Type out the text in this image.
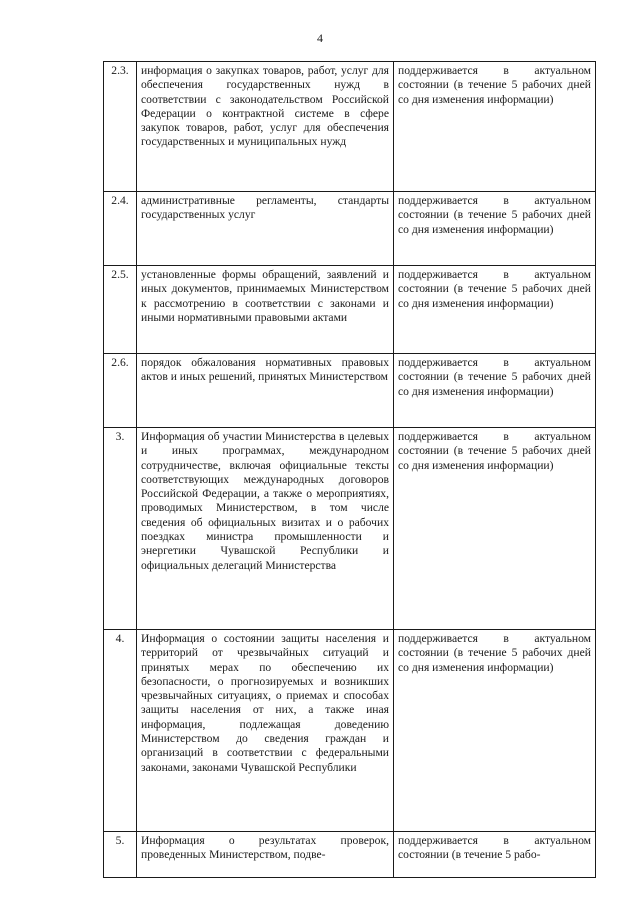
4
2.3.	информация о закупках товаров, работ, услуг для обеспечения государственных нужд в соответствии с законодательством Российской Федерации о контрактной системе в сфере закупок товаров, работ, услуг для обеспечения государственных и муниципальных нужд	поддерживается в актуальном состоянии (в течение 5 рабочих дней со дня изменения информации)
2.4.	административные регламенты, стандарты государственных услуг	поддерживается в актуальном состоянии (в течение 5 рабочих дней со дня изменения информации)
2.5.	установленные формы обращений, заявлений и иных документов, принимаемых Министерством к рассмотрению в соответствии с законами и иными нормативными правовыми актами	поддерживается в актуальном состоянии (в течение 5 рабочих дней со дня изменения информации)
2.6.	порядок обжалования нормативных правовых актов и иных решений, принятых Министерством	поддерживается в актуальном состоянии (в течение 5 рабочих дней со дня изменения информации)
3.	Информация об участии Министерства в целевых и иных программах, международном сотрудничестве, включая официальные тексты соответствующих международных договоров Российской Федерации, а также о мероприятиях, проводимых Министерством, в том числе сведения об официальных визитах и о рабочих поездках министра промышленности и энергетики Чувашской Республики и официальных делегаций Министерства	поддерживается в актуальном состоянии (в течение 5 рабочих дней со дня изменения информации)
4.	Информация о состоянии защиты населения и территорий от чрезвычайных ситуаций и принятых мерах по обеспечению их безопасности, о прогнозируемых и возникших чрезвычайных ситуациях, о приемах и способах защиты населения от них, а также иная информация, подлежащая доведению Министерством до сведения граждан и организаций в соответствии с федеральными законами, законами Чувашской Республики	поддерживается в актуальном состоянии (в течение 5 рабочих дней со дня изменения информации)
5.	Информация о результатах проверок, проведенных Министерством, подве-	поддерживается в актуальном состоянии (в течение 5 рабо-
